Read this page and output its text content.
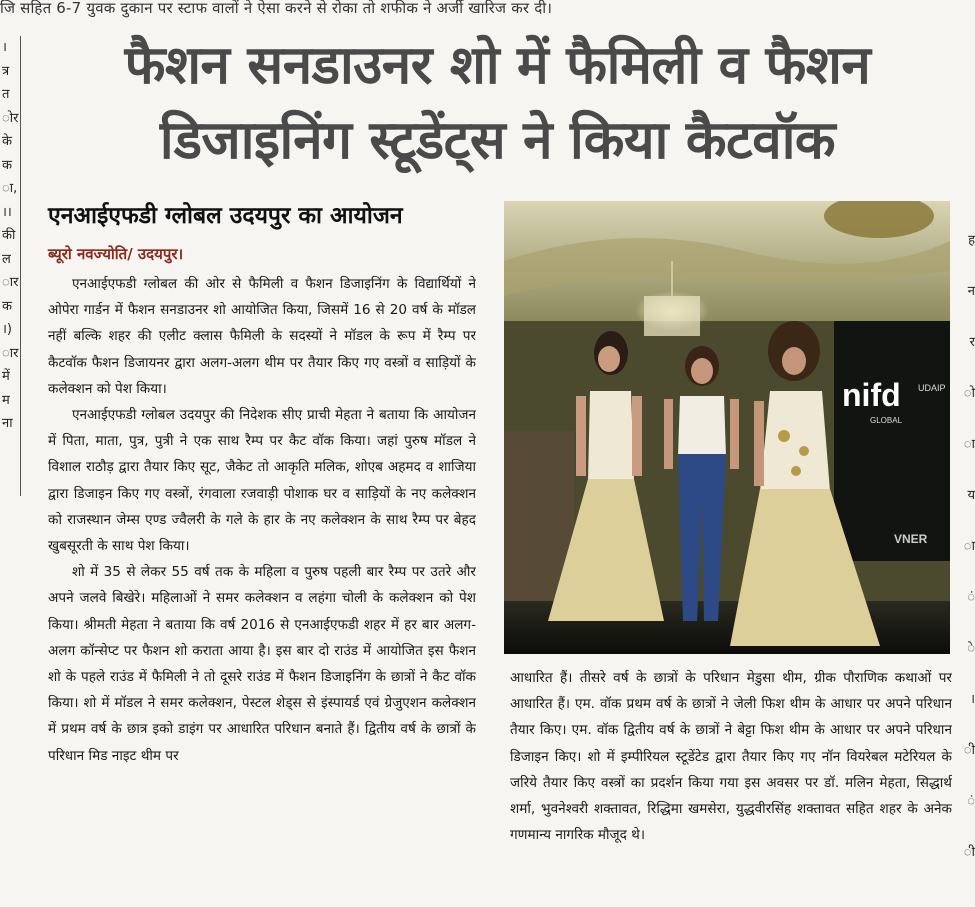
जि सहित 6-7 युवक दुकान पर स्टाफ वालों ने ऐसा करने से रोका तो शफीक ने अर्जी खारिज कर दी।
।
त्र
त
ोर
के
क
ा,
।।
की
ल
ार
क
।)
ार
में
म
ना
ह
न
र
ो
ा
य
ा
ं
े
।
ी
ं
ी
फैशन सनडाउनर शो में फैमिली व फैशन
डिजाइनिंग स्टूडेंट्स ने किया कैटवॉक
एनआईएफडी ग्लोबल उदयपुर का आयोजन
ब्यूरो नवज्योति/ उदयपुर।

एनआईएफडी ग्लोबल की ओर से फैमिली व फैशन डिजाइनिंग के विद्यार्थियों ने ओपेरा गार्डन में फैशन सनडाउनर शो आयोजित किया, जिसमें 16 से 20 वर्ष के मॉडल नहीं बल्कि शहर की एलीट क्लास फैमिली के सदस्यों ने मॉडल के रूप में रैम्प पर कैटवॉक फैशन डिजायनर द्वारा अलग-अलग थीम पर तैयार किए गए वस्त्रों व साड़ियों के कलेक्शन को पेश किया।

एनआईएफडी ग्लोबल उदयपुर की निदेशक सीए प्राची मेहता ने बताया कि आयोजन में पिता, माता, पुत्र, पुत्री ने एक साथ रैम्प पर कैट वॉक किया। जहां पुरुष मॉडल ने विशाल राठौड़ द्वारा तैयार किए सूट, जैकेट तो आकृति मलिक, शोएब अहमद व शाजिया द्वारा डिजाइन किए गए वस्त्रों, रंगवाला रजवाड़ी पोशाक घर व साड़ियों के नए कलेक्शन को राजस्थान जेम्स एण्ड ज्वैलरी के गले के हार के नए कलेक्शन के साथ रैम्प पर बेहद खुबसूरती के साथ पेश किया।

शो में 35 से लेकर 55 वर्ष तक के महिला व पुरुष पहली बार रैम्प पर उतरे और अपने जलवे बिखेरे। महिलाओं ने समर कलेक्शन व लहंगा चोली के कलेक्शन को पेश किया। श्रीमती मेहता ने बताया कि वर्ष 2016 से एनआईएफडी शहर में हर बार अलग-अलग कॉन्सेप्ट पर फैशन शो कराता आया है। इस बार दो राउंड में आयोजित इस फैशन शो के पहले राउंड में फैमिली ने तो दूसरे राउंड में फैशन डिजाइनिंग के छात्रों ने कैट वॉक किया। शो में मॉडल ने समर कलेक्शन, पेस्टल शेड्स से इंस्पायर्ड एवं ग्रेजुएशन कलेक्शन में प्रथम वर्ष के छात्र इको डाइंग पर आधारित परिधान बनाते हैं। द्वितीय वर्ष के छात्रों के परिधान मिड नाइट थीम पर

nifd
GLOBAL
UDAIP
VNER

आधारित हैं। तीसरे वर्ष के छात्रों के परिधान मेडुसा थीम, ग्रीक पौराणिक कथाओं पर आधारित हैं। एम. वॉक प्रथम वर्ष के छात्रों ने जेली फिश थीम के आधार पर अपने परिधान तैयार किए। एम. वॉक द्वितीय वर्ष के छात्रों ने बेट्टा फिश थीम के आधार पर अपने परिधान डिजाइन किए। शो में इम्पीरियल स्टूडेंटेड द्वारा तैयार किए गए नॉन वियरेबल मटेरियल के जरिये तैयार किए वस्त्रों का प्रदर्शन किया गया इस अवसर पर डॉ. मलिन मेहता, सिद्धार्थ शर्मा, भुवनेश्वरी शक्तावत, रिद्धिमा खमसेरा, युद्धवीरसिंह शक्तावत सहित शहर के अनेक गणमान्य नागरिक मौजूद थे।
